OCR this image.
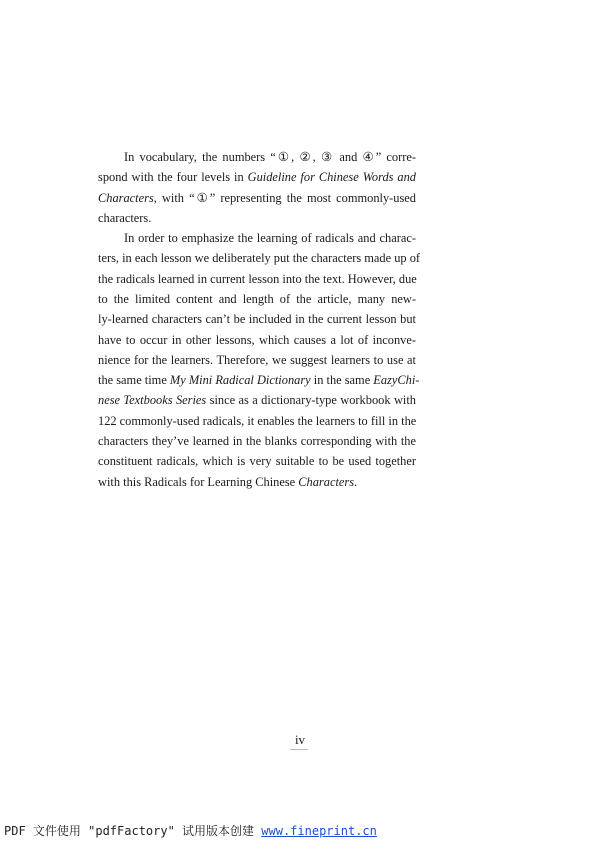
In vocabulary, the numbers “①, ②, ③ and ④” corre-
spond with the four levels in Guideline for Chinese Words and
Characters, with “①” representing the most commonly-used
characters.
In order to emphasize the learning of radicals and charac-
ters, in each lesson we deliberately put the characters made up of
the radicals learned in current lesson into the text. However, due
to the limited content and length of the article, many new-
ly-learned characters can’t be included in the current lesson but
have to occur in other lessons, which causes a lot of inconve-
nience for the learners. Therefore, we suggest learners to use at
the same time My Mini Radical Dictionary in the same EazyChi-
nese Textbooks Series since as a dictionary-type workbook with
122 commonly-used radicals, it enables the learners to fill in the
characters they’ve learned in the blanks corresponding with the
constituent radicals, which is very suitable to be used together
with this Radicals for Learning Chinese Characters.
iv
PDF 文件使用 "pdfFactory" 试用版本创建 www.fineprint.cn
